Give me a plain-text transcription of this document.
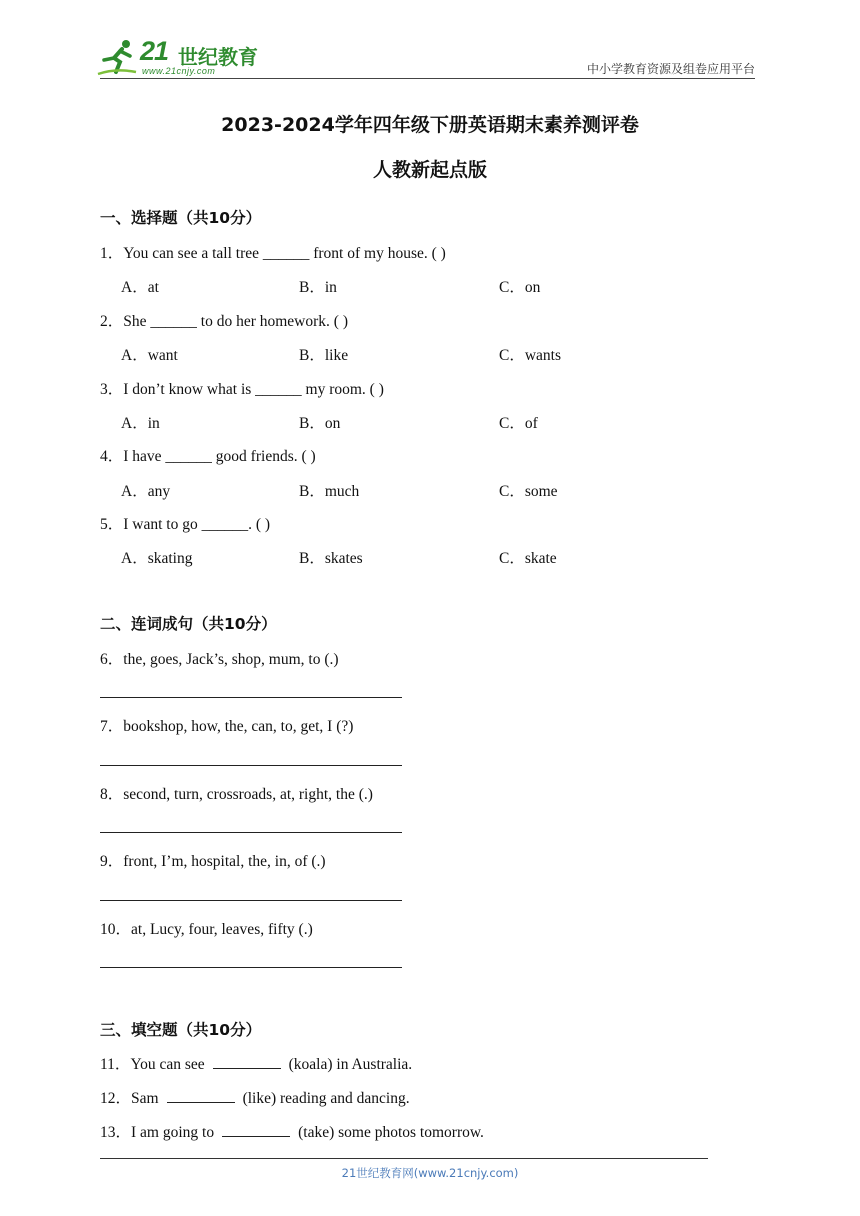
21 世纪教育
www.21cnjy.com	中小学教育资源及组卷应用平台
2023-2024学年四年级下册英语期末素养测评卷
人教新起点版
一、选择题（共10分）
1．You can see a tall tree ______ front of my house. ( )
A．at	B．in	C．on
2．She ______ to do her homework. ( )
A．want	B．like	C．wants
3．I don’t know what is ______ my room. ( )
A．in	B．on	C．of
4．I have ______ good friends. ( )
A．any	B．much	C．some
5．I want to go ______. ( )
A．skating	B．skates	C．skate
二、连词成句（共10分）
6．the, goes, Jack’s, shop, mum, to (.)
7．bookshop, how, the, can, to, get, I (?)
8．second, turn, crossroads, at, right, the (.)
9．front, I’m, hospital, the, in, of (.)
10．at, Lucy, four, leaves, fifty (.)
三、填空题（共10分）
11．You can see	(koala) in Australia.
12．Sam	(like) reading and dancing.
13．I am going to	(take) some photos tomorrow.
21世纪教育网(www.21cnjy.com)
